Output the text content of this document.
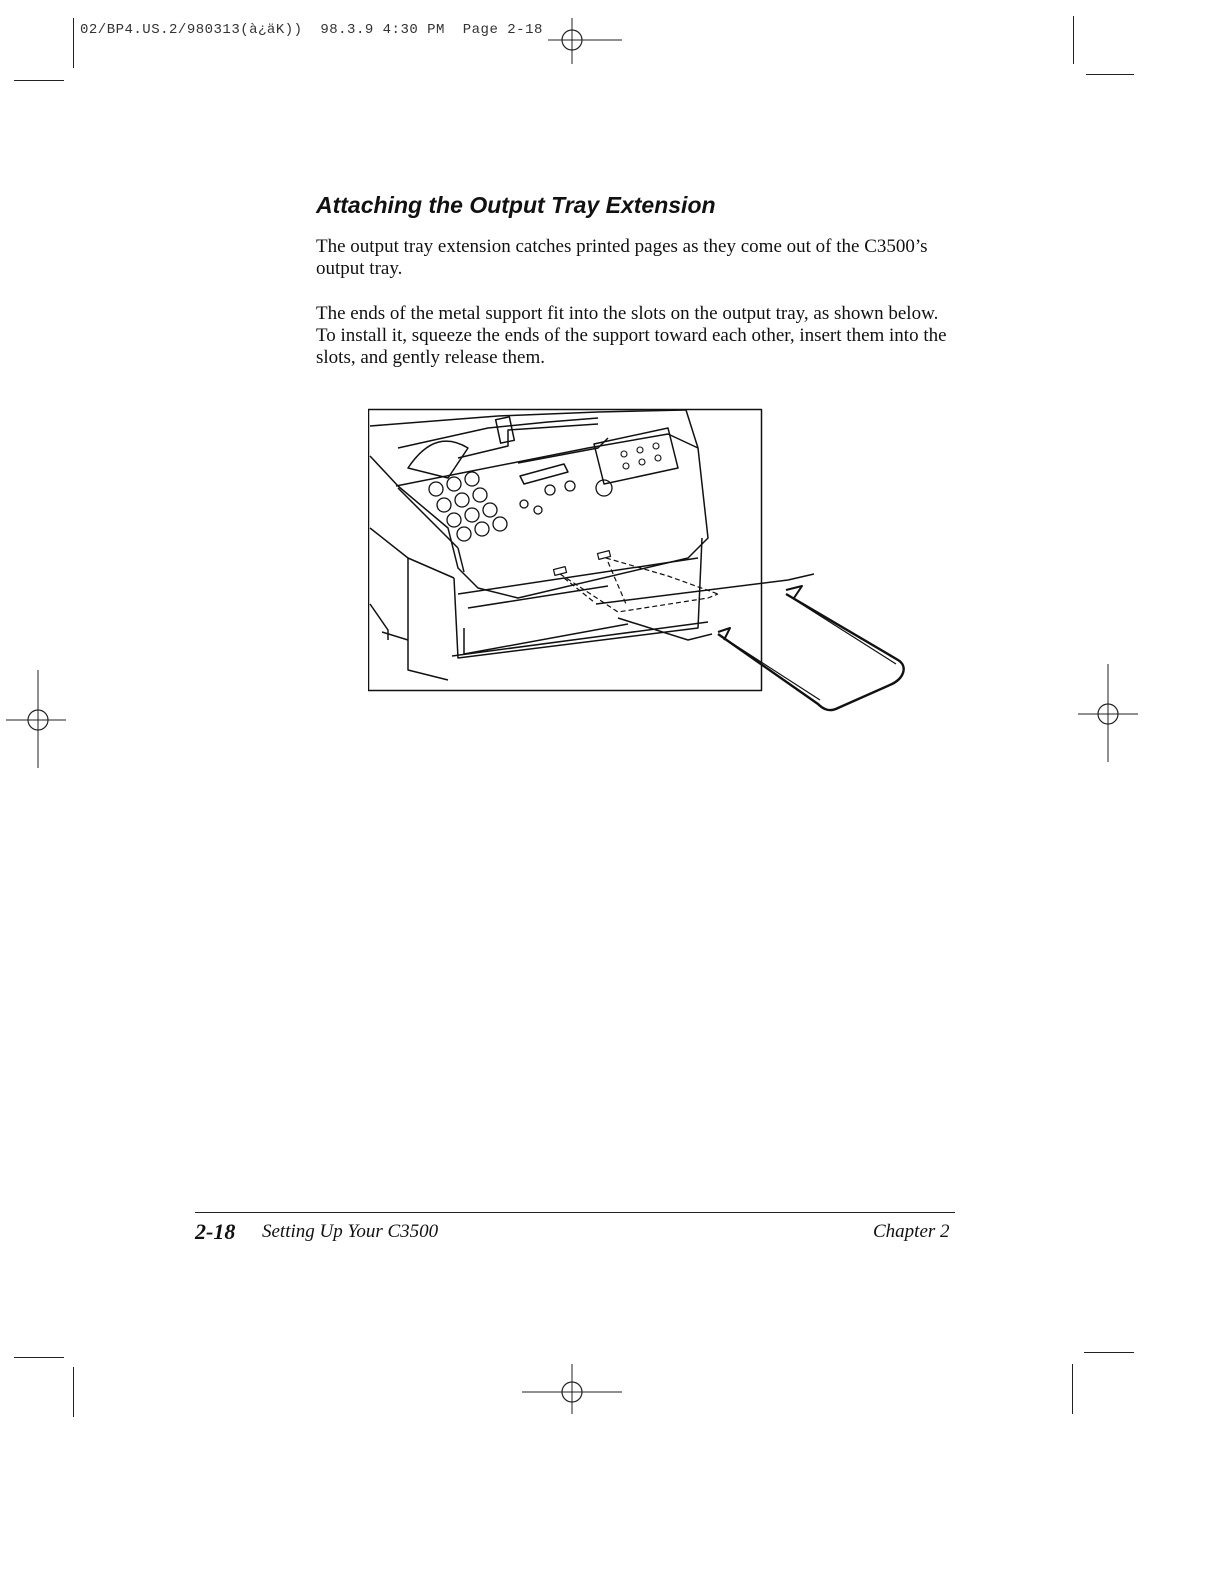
02/BP4.US.2/980313(à¿äK))  98.3.9 4:30 PM  Page 2-18
Attaching the Output Tray Extension
The output tray extension catches printed pages as they come out of the C3500’s output tray.
The ends of the metal support fit into the slots on the output tray, as shown below. To install it, squeeze the ends of the support toward each other, insert them into the slots, and gently release them.
2-18 Setting Up Your C3500	Chapter 2
